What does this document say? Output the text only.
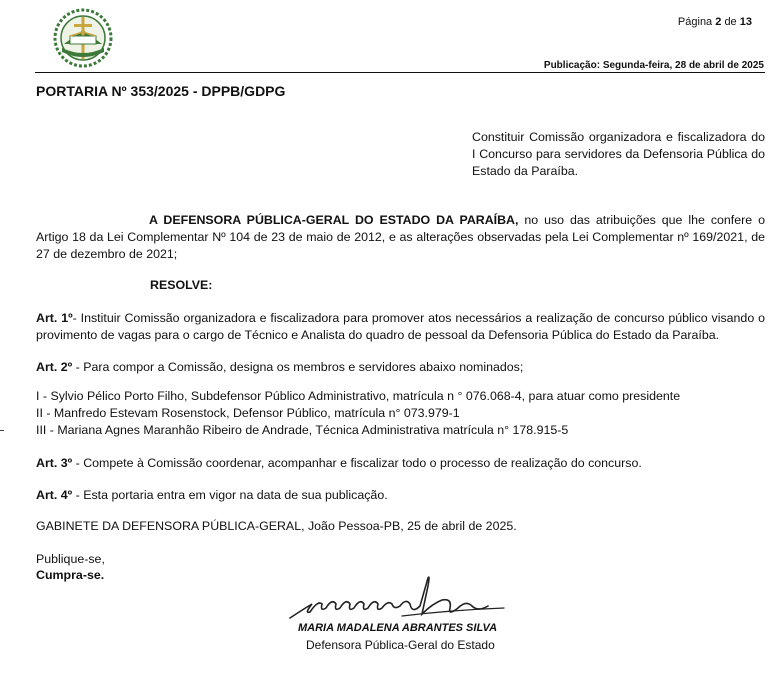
Página 2 de 13
Publicação: Segunda-feira, 28 de abril de 2025
PORTARIA Nº 353/2025 - DPPB/GDPG
Constituir Comissão organizadora e fiscalizadora do I Concurso para servidores da Defensoria Pública do Estado da Paraíba.
A DEFENSORA PÚBLICA-GERAL DO ESTADO DA PARAÍBA, no uso das atribuições que lhe confere o Artigo 18 da Lei Complementar Nº 104 de 23 de maio de 2012, e as alterações observadas pela Lei Complementar nº 169/2021, de 27 de dezembro de 2021;
RESOLVE:
Art. 1º- Instituir Comissão organizadora e fiscalizadora para promover atos necessários a realização de concurso público visando o provimento de vagas para o cargo de Técnico e Analista do quadro de pessoal da Defensoria Pública do Estado da Paraíba.
Art. 2º - Para compor a Comissão, designa os membros e servidores abaixo nominados;
I - Sylvio Pélico Porto Filho, Subdefensor Público Administrativo, matrícula n ° 076.068-4, para atuar como presidente
II - Manfredo Estevam Rosenstock, Defensor Público, matrícula n° 073.979-1
III - Mariana Agnes Maranhão Ribeiro de Andrade, Técnica Administrativa matrícula n° 178.915-5
Art. 3º - Compete à Comissão coordenar, acompanhar e fiscalizar todo o processo de realização do concurso.
Art. 4º - Esta portaria entra em vigor na data de sua publicação.
GABINETE DA DEFENSORA PÚBLICA-GERAL, João Pessoa-PB, 25 de abril de 2025.
Publique-se,
Cumpra-se.
MARIA MADALENA ABRANTES SILVA
Defensora Pública-Geral do Estado
